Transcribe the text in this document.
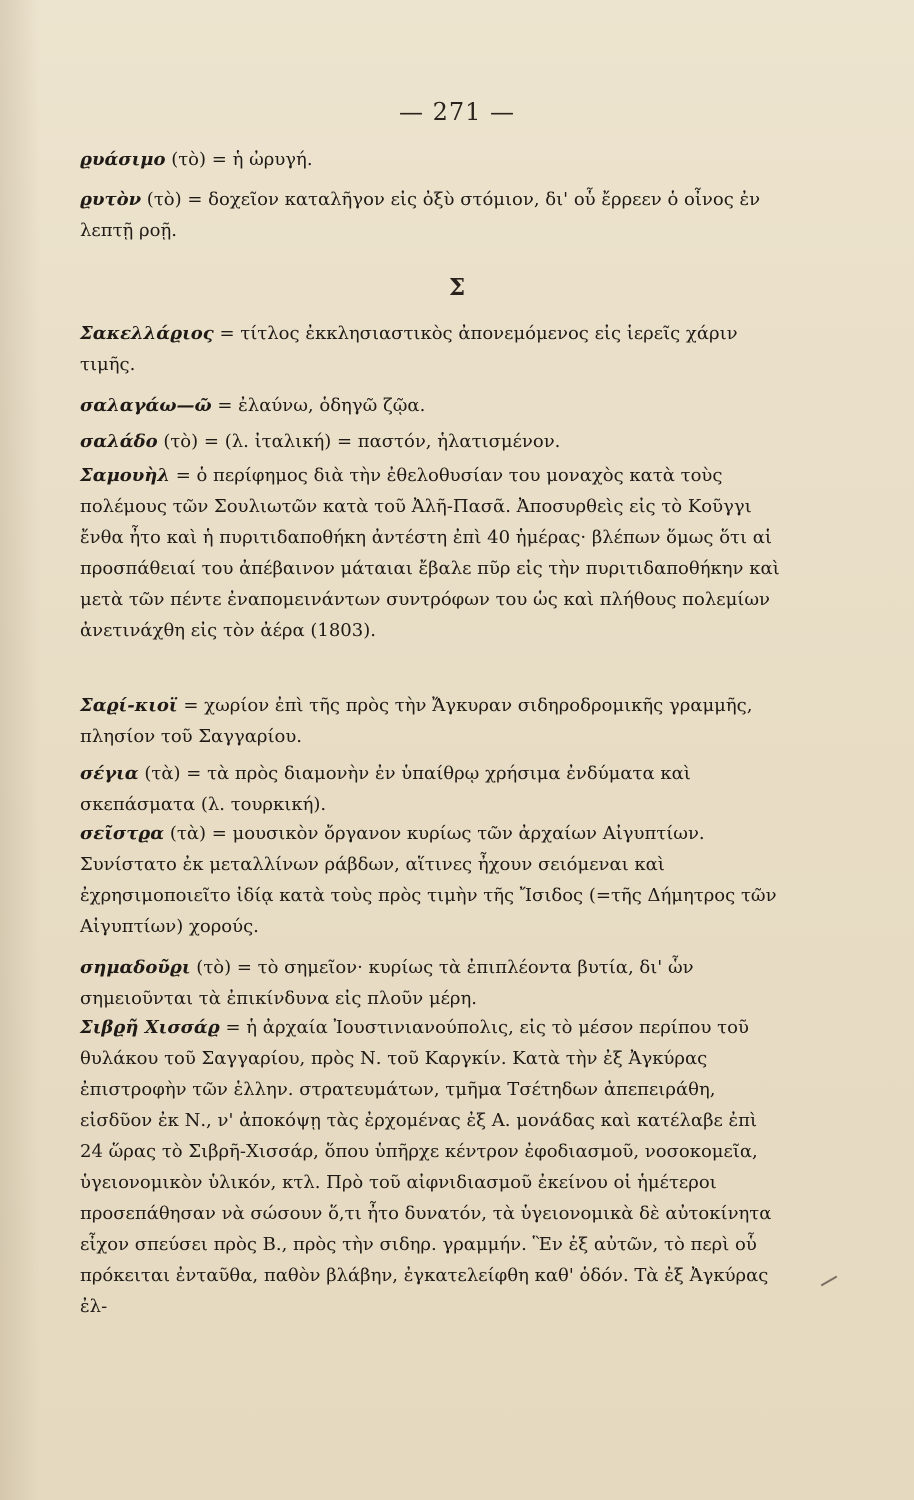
— 271 —
ϱυάσιμο (τὸ) = ἡ ὠρυγή.
ϱυτὸν (τὸ) = δοχεῖον καταλῆγον εἰς ὀξὺ στόμιον, δι' οὗ ἔρρεεν ὁ οἶνος ἐν λεπτῇ ροῇ.
Σ
Σακελλάϱιος = τίτλος ἐκκλησιαστικὸς ἀπονεμόμενος εἰς ἱερεῖς χάριν τιμῆς.
σαλαγάω—ῶ = ἐλαύνω, ὁδηγῶ ζῷα.
σαλάδο (τὸ) = (λ. ἰταλική) = παστόν, ἡλατισμένον.
Σαμουὴλ = ὁ περίφημος διὰ τὴν ἐθελοθυσίαν του μοναχὸς κατὰ τοὺς πολέμους τῶν Σουλιωτῶν κατὰ τοῦ Ἀλῆ-Πασᾶ. Ἀποσυρθεὶς εἰς τὸ Κοῦγγι ἔνθα ἦτο καὶ ἡ πυριτιδαποθήκη ἀντέστη ἐπὶ 40 ἡμέρας· βλέπων ὅμως ὅτι αἱ προσπάθειαί του ἀπέβαινον μάταιαι ἔβαλε πῦρ εἰς τὴν πυριτιδαποθήκην καὶ μετὰ τῶν πέντε ἐναπομεινάντων συντρόφων του ὡς καὶ πλήθους πολεμίων ἀνετινάχθη εἰς τὸν ἀέρα (1803).
Σαϱί-κιοϊ = χωρίον ἐπὶ τῆς πρὸς τὴν Ἄγκυραν σιδηροδρομικῆς γραμμῆς, πλησίον τοῦ Σαγγαρίου.
σέγια (τὰ) = τὰ πρὸς διαμονὴν ἐν ὑπαίθρῳ χρήσιμα ἐνδύματα καὶ σκεπάσματα (λ. τουρκική).
σεῖστϱα (τὰ) = μουσικὸν ὄργανον κυρίως τῶν ἀρχαίων Αἰγυπτίων. Συνίστατο ἐκ μεταλλίνων ράβδων, αἵτινες ἦχουν σειόμεναι καὶ ἐχρησιμοποιεῖτο ἰδίᾳ κατὰ τοὺς πρὸς τιμὴν τῆς Ἴσιδος (=τῆς Δήμητρος τῶν Αἰγυπτίων) χορούς.
σημαδοῦϱι (τὸ) = τὸ σημεῖον· κυρίως τὰ ἐπιπλέοντα βυτία, δι' ὧν σημειοῦνται τὰ ἐπικίνδυνα εἰς πλοῦν μέρη.
Σιβϱῆ Χισσάϱ = ἡ ἀρχαία Ἰουστινιανούπολις, εἰς τὸ μέσον περίπου τοῦ θυλάκου τοῦ Σαγγαρίου, πρὸς Ν. τοῦ Καργκίν. Κατὰ τὴν ἐξ Ἀγκύρας ἐπιστροφὴν τῶν ἑλλην. στρατευμάτων, τμῆμα Τσέτηδων ἀπεπειράθη, εἰσδῦον ἐκ Ν., ν' ἀποκόψῃ τὰς ἐρχομένας ἐξ Α. μονάδας καὶ κατέλαβε ἐπὶ 24 ὥρας τὸ Σιβρῆ-Χισσάρ, ὅπου ὑπῆρχε κέντρον ἐφοδιασμοῦ, νοσοκομεῖα, ὑγειονομικὸν ὑλικόν, κτλ. Πρὸ τοῦ αἰφνιδιασμοῦ ἐκείνου οἱ ἡμέτεροι προσεπάθησαν νὰ σώσουν ὅ,τι ἦτο δυνατόν, τὰ ὑγειονομικὰ δὲ αὐτοκίνητα εἶχον σπεύσει πρὸς Β., πρὸς τὴν σιδηρ. γραμμήν. Ἓν ἐξ αὐτῶν, τὸ περὶ οὗ πρόκειται ἐνταῦθα, παθὸν βλάβην, ἐγκατελείφθη καθ' ὁδόν. Τὰ ἐξ Ἀγκύρας ἐλ-
